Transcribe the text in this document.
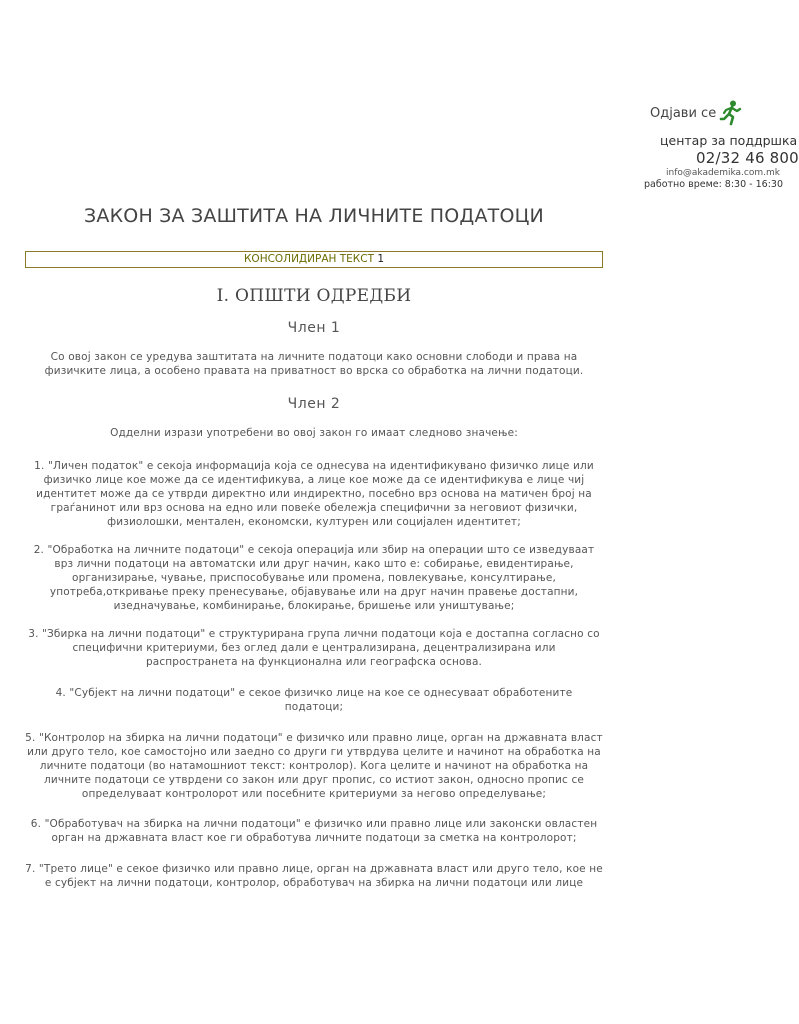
Одјави се
центар за поддршка
02/32 46 800
info@akademika.com.mk
работно време: 8:30 - 16:30
ЗАКОН ЗА ЗАШТИТА НА ЛИЧНИТЕ ПОДАТОЦИ
КОНСОЛИДИРАН ТЕКСТ 1
I. ОПШТИ ОДРЕДБИ
Член 1

Со овој закон се уредува заштитата на личните податоци како основни слободи и права на физичките лица, а особено правата на приватност во врска со обработка на лични податоци.

Член 2

Одделни изрази употребени во овој закон го имаат следново значење:

1. "Личен податок" е секоја информација која се однесува на идентификувано физичко лице или физичко лице кое може да се идентификува, а лице кое може да се идентификува е лице чиј идентитет може да се утврди директно или индиректно, посебно врз основа на матичен број на граѓанинот или врз основа на едно или повеќе обележја специфични за неговиот физички, физиолошки, ментален, економски, културен или социјален идентитет;

2. "Обработка на личните податоци" е секоја операција или збир на операции што се изведуваат врз лични податоци на автоматски или друг начин, како што е: собирање, евидентирање, организирање, чување, приспособување или промена, повлекување, консултирање, употреба,откривање преку пренесување, објавување или на друг начин правење достапни, изедначување, комбинирање, блокирање, бришење или уништување;

3. "Збирка на лични податоци" е структурирана група лични податоци која е достапна согласно со специфични критериуми, без оглед дали е централизирана, децентрализирана или распространета на функционална или географска основа.

4. "Субјект на лични податоци" е секое физичко лице на кое се однесуваат обработените податоци;

5. "Контролор на збирка на лични податоци" е физичко или правно лице, орган на државната власт или друго тело, кое самостојно или заедно со други ги утврдува целите и начинот на обработка на личните податоци (во натамошниот текст: контролор). Кога целите и начинот на обработка на личните податоци се утврдени со закон или друг пропис, со истиот закон, односно пропис се определуваат контролорот или посебните критериуми за негово определување;

6. "Обработувач на збирка на лични податоци" е физичко или правно лице или законски овластен орган на државната власт кое ги обработува личните податоци за сметка на контролорот;

7. "Трето лице" е секое физичко или правно лице, орган на државната власт или друго тело, кое не е субјект на лични податоци, контролор, обработувач на збирка на лични податоци или лице
